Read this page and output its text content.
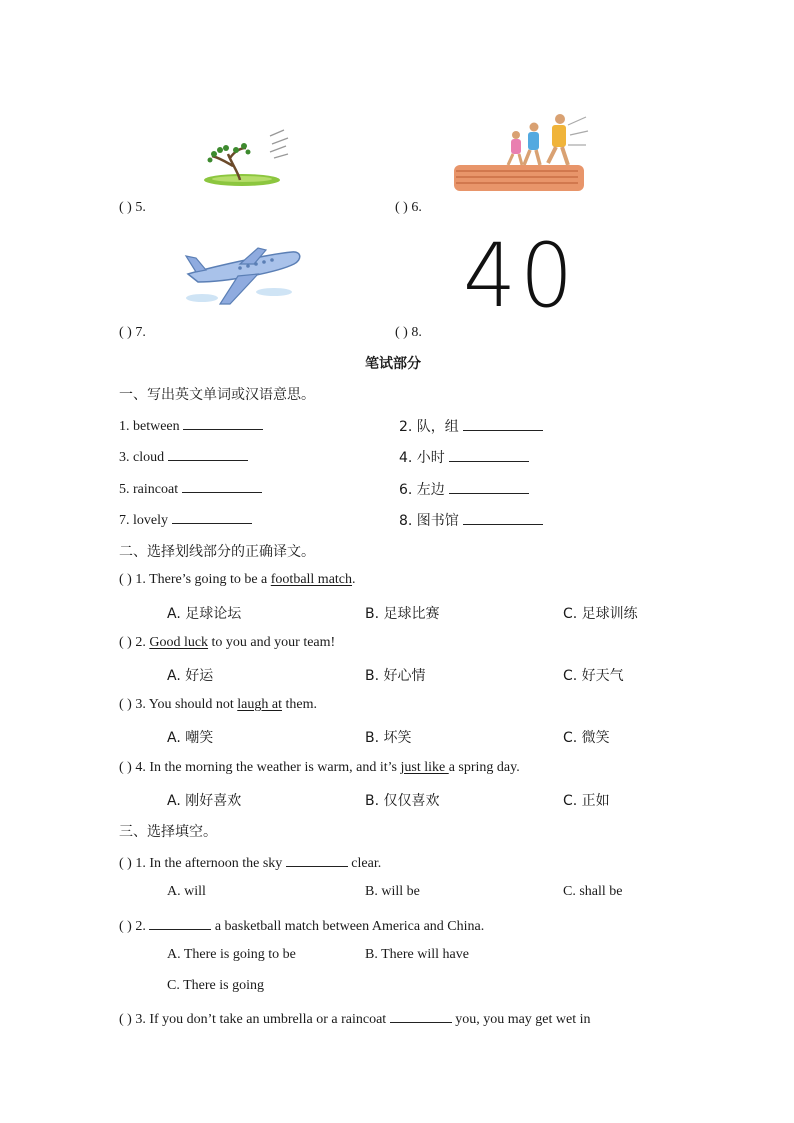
40
( ) 5.	( ) 6.
( ) 7.	( ) 8.
笔试部分
一、写出英文单词或汉语意思。
1. between	2. 队，组
3. cloud	4. 小时
5. raincoat	6. 左边
7. lovely	8. 图书馆
二、选择划线部分的正确译文。
( ) 1. There’s going to be a football match.
A. 足球论坛	B. 足球比赛	C. 足球训练
( ) 2. Good luck to you and your team!
A. 好运	B. 好心情	C. 好天气
( ) 3. You should not laugh at them.
A. 嘲笑	B. 坏笑	C. 微笑
( ) 4. In the morning the weather is warm, and it’s just like a spring day.
A. 刚好喜欢	B. 仅仅喜欢	C. 正如
三、选择填空。
( ) 1. In the afternoon the sky	clear.
A. will	B. will be	C. shall be
( ) 2.	a basketball match between America and China.
A. There is going to be	B. There will have
C. There is going
( ) 3. If you don’t take an umbrella or a raincoat	you, you may get wet in
